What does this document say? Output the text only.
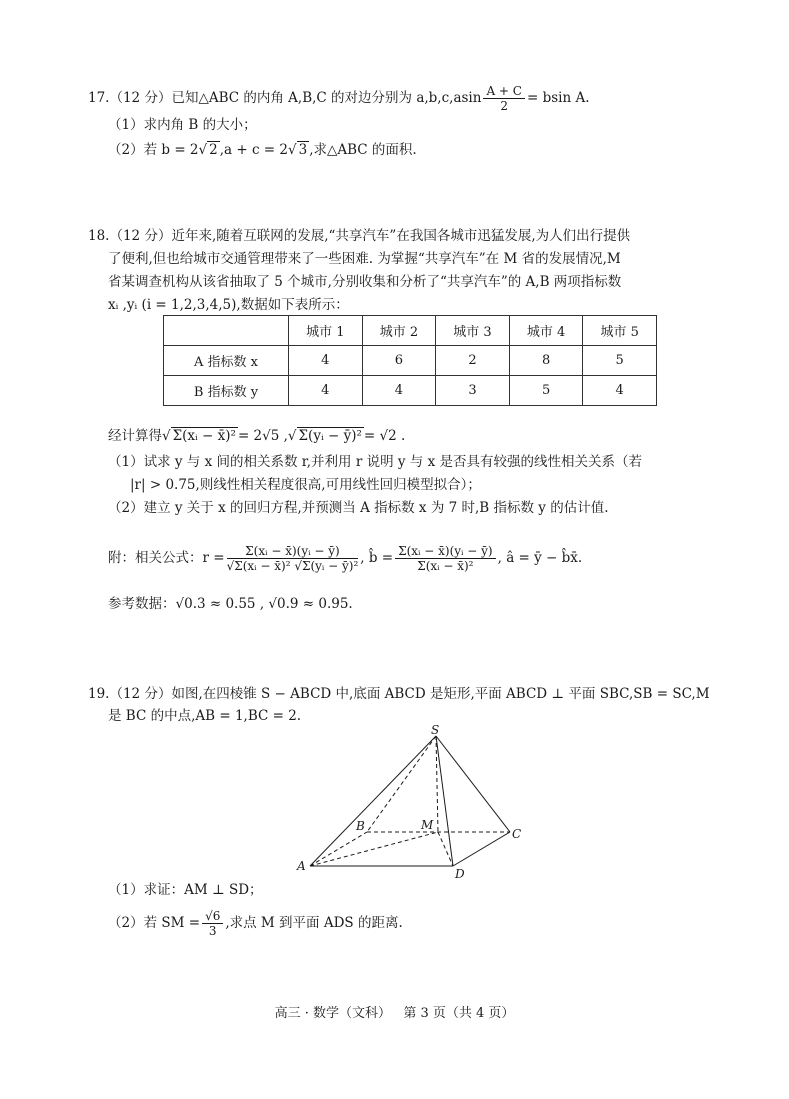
17.（12 分）已知△ABC 的内角 A,B,C 的对边分别为 $a,b,c,asin \frac{A + C}{2} = bsin$ A.
（1）求内角 B 的大小；
（2）若 b = 2√ 2 ,a + c = 2√ 3 ,求△ABC 的面积.
18.（12 分）近年来,随着互联网的发展,“共享汽车”在我国各城市迅猛发展,为人们出行提供
了便利,但也给城市交通管理带来了一些困难. 为掌握“共享汽车”在 M 省的发展情况,M
省某调查机构从该省抽取了 5 个城市,分别收集和分析了“共享汽车”的 A,B 两项指标数
xᵢ ,yᵢ (i = 1,2,3,4,5),数据如下表所示：
	城市 1	城市 2	城市 3	城市 4	城市 5
A 指标数 x	4	6	2	8	5
B 指标数 y	4	4	3	5	4
经计算得√ Σ(xᵢ − x̄)² = 2√5 ,√ Σ(yᵢ − ȳ)² = √2 .
（1）试求 y 与 x 间的相关系数 r,并利用 r 说明 y 与 x 是否具有较强的线性相关关系（若
|r| > 0.75,则线性相关程度很高,可用线性回归模型拟合）；
（2）建立 y 关于 x 的回归方程,并预测当 A 指标数 x 为 7 时,B 指标数 y 的估计值.
附：相关公式：$r = \frac{\text{Σ(xᵢ − x̄)(yᵢ − ȳ)}}{\text{√Σ(xᵢ − x̄)² √Σ(yᵢ − ȳ)²}}$ , b̂ = $\frac{\text{Σ(xᵢ − x̄)(yᵢ − ȳ)}}{\text{Σ(xᵢ − x̄)²}}$ , â = ȳ − b̂x̄.
参考数据：√0.3 ≈ 0.55 , √0.9 ≈ 0.95.
19.（12 分）如图,在四棱锥 S − ABCD 中,底面 ABCD 是矩形,平面 ABCD ⊥ 平面 SBC,SB = SC,M
是 BC 的中点,AB = 1,BC = 2.
S
A
B
C
D
M
（1）求证：AM ⊥ SD；
（2）若 SM = $\frac{√6}{3}$ ,求点 M 到平面 ADS 的距离.
高三 · 数学（文科）   第 3 页（共 4 页）
